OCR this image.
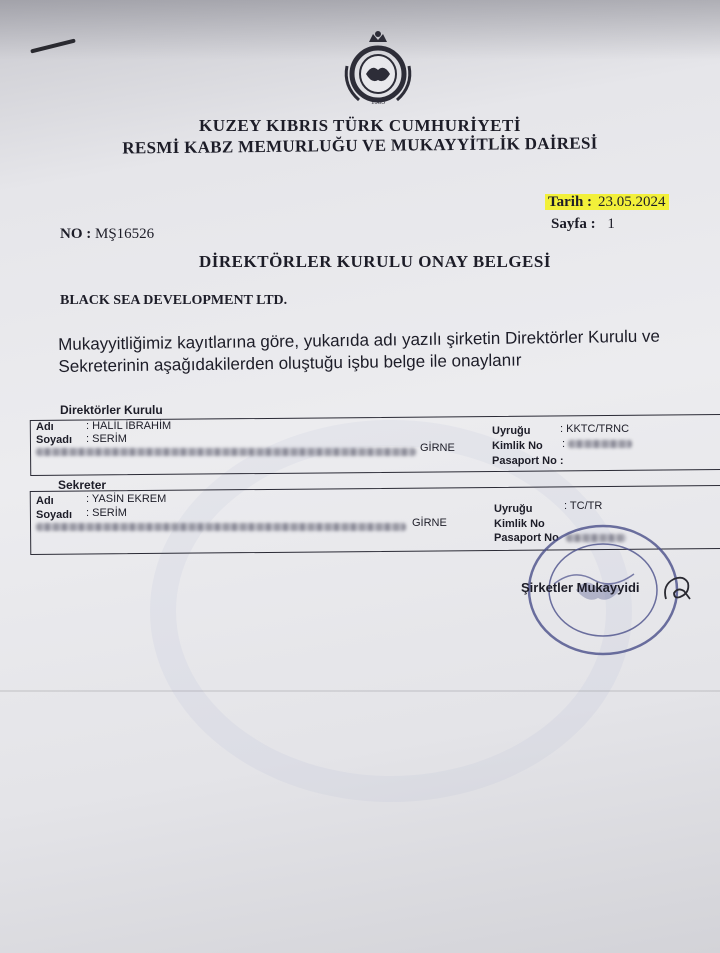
1983
KUZEY KIBRIS TÜRK CUMHURİYETİ
RESMİ KABZ MEMURLUĞU VE MUKAYYİTLİK DAİRESİ
Tarih : 23.05.2024
Sayfa : 1
NO : MŞ16526
DİREKTÖRLER KURULU ONAY BELGESİ
BLACK SEA DEVELOPMENT LTD.
Mukayyitliğimiz kayıtlarına göre, yukarıda adı yazılı şirketin Direktörler Kurulu ve Sekreterinin aşağıdakilerden oluştuğu işbu belge ile onaylanır
Direktörler Kurulu
Adı	: HALİL İBRAHİM
Soyadı : SERİM
GİRNE
Uyruğu	: KKTC/TRNC
Kimlik No :
Pasaport No :
Sekreter
Adı	: YASİN EKREM
Soyadı : SERİM
GİRNE
Uyruğu	: TC/TR
Kimlik No
Pasaport No
Şirketler Mukayyidi
